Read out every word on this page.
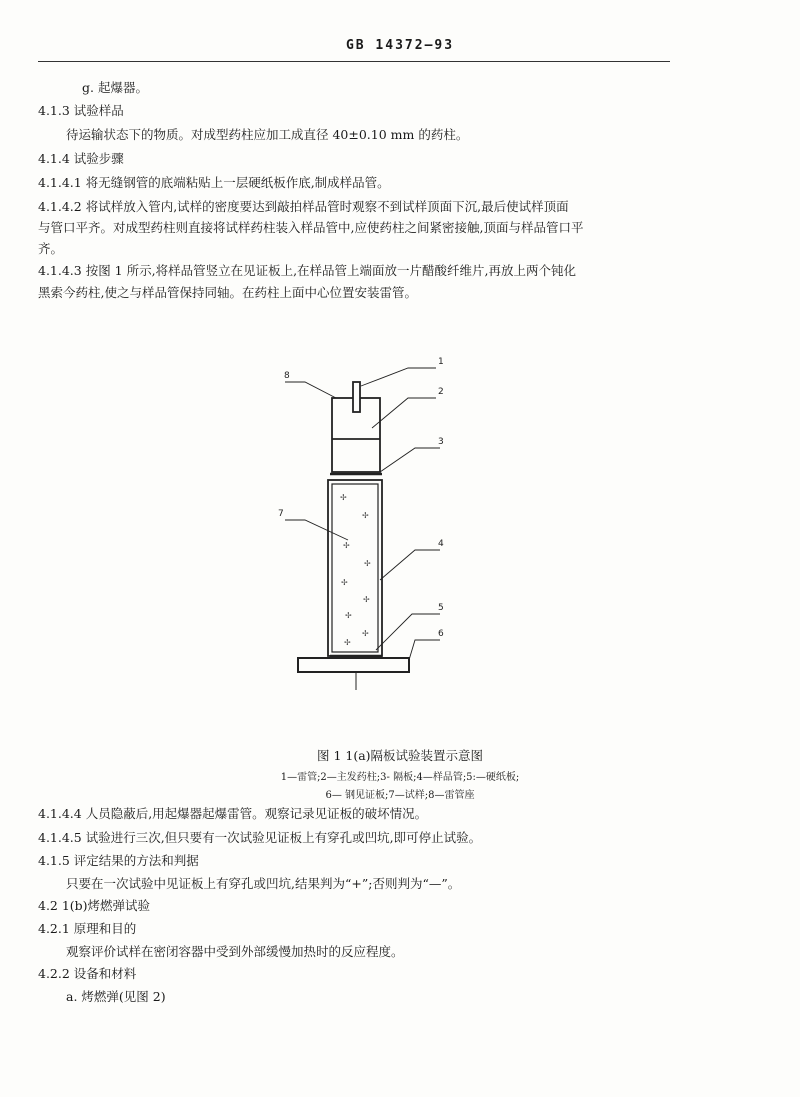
GB 14372—93
g. 起爆器。
4.1.3 试验样品
待运输状态下的物质。对成型药柱应加工成直径 40±0.10 mm 的药柱。
4.1.4 试验步骤
4.1.4.1 将无缝钢管的底端粘贴上一层硬纸板作底,制成样品管。
4.1.4.2 将试样放入管内,试样的密度要达到敲拍样品管时观察不到试样顶面下沉,最后使试样顶面
与管口平齐。对成型药柱则直接将试样药柱装入样品管中,应使药柱之间紧密接触,顶面与样品管口平
齐。
4.1.4.3 按图 1 所示,将样品管竖立在见证板上,在样品管上端面放一片醋酸纤维片,再放上两个钝化
黑索今药柱,使之与样品管保持同轴。在药柱上面中心位置安装雷管。
✢
✢
✢
✢
✢
✢
✢
✢
✢
1
2
3
4
5
6
7
8
图 1 1(a)隔板试验装置示意图
1—雷管;2—主发药柱;3- 隔板;4—样品管;5:—硬纸板;
6— 钢见证板;7—试样;8—雷管座
4.1.4.4 人员隐蔽后,用起爆器起爆雷管。观察记录见证板的破坏情况。
4.1.4.5 试验进行三次,但只要有一次试验见证板上有穿孔或凹坑,即可停止试验。
4.1.5 评定结果的方法和判据
只要在一次试验中见证板上有穿孔或凹坑,结果判为“+”;否则判为“—”。
4.2 1(b)烤燃弹试验
4.2.1 原理和目的
观察评价试样在密闭容器中受到外部缓慢加热时的反应程度。
4.2.2 设备和材料
a. 烤燃弹(见图 2)
